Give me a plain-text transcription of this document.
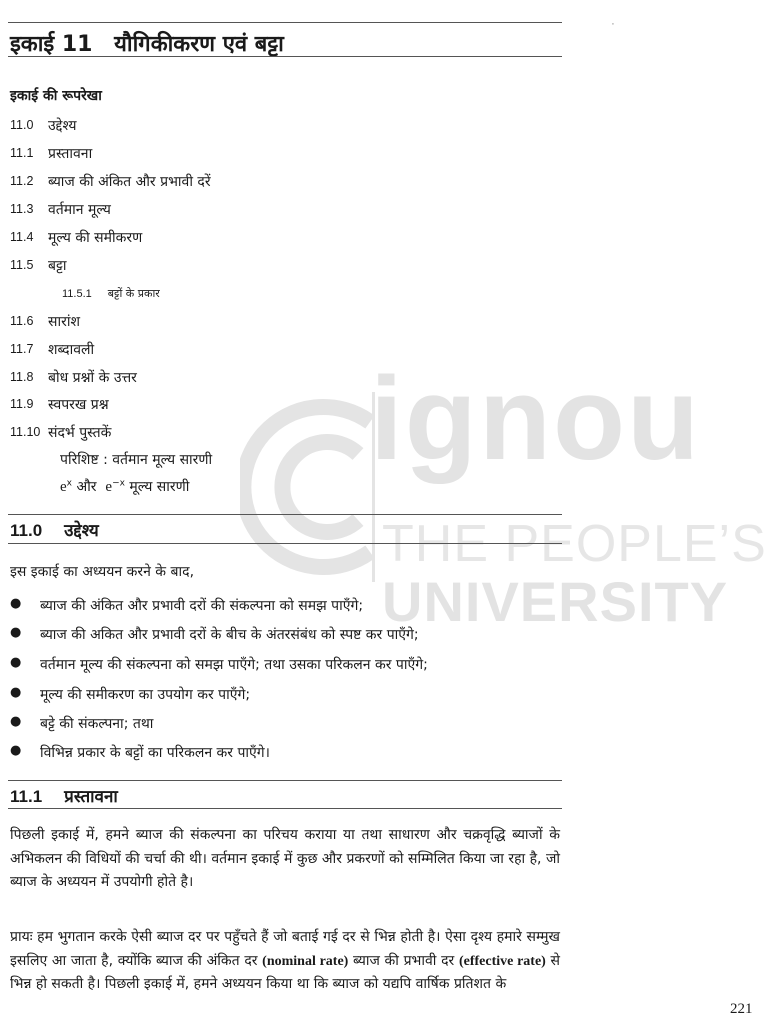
ignou
THE PEOPLE’S
UNIVERSITY
इकाई 11 यौगिकीकरण एवं बट्टा
इकाई की रूपरेखा
11.0 उद्देश्य
11.1 प्रस्तावना
11.2 ब्याज की अंकित और प्रभावी दरें
11.3 वर्तमान मूल्य
11.4 मूल्य की समीकरण
11.5 बट्टा
11.5.1 बट्टों के प्रकार
11.6 सारांश
11.7 शब्दावली
11.8 बोध प्रश्नों के उत्तर
11.9 स्वपरख प्रश्न
11.10 संदर्भ पुस्तकें
परिशिष्ट : वर्तमान मूल्य सारणी
$e^x$ और $e^{-x}$ मूल्य सारणी
11.0 उद्देश्य
इस इकाई का अध्ययन करने के बाद,
● ब्याज की अंकित और प्रभावी दरों की संकल्पना को समझ पाएँगे;
● ब्याज की अकित और प्रभावी दरों के बीच के अंतरसंबंध को स्पष्ट कर पाएँगे;
● वर्तमान मूल्य की संकल्पना को समझ पाएँगे; तथा उसका परिकलन कर पाएँगे;
● मूल्य की समीकरण का उपयोग कर पाएँगे;
● बट्टे की संकल्पना; तथा
● विभिन्न प्रकार के बट्टों का परिकलन कर पाएँगे।
11.1 प्रस्तावना
पिछली इकाई में, हमने ब्याज की संकल्पना का परिचय कराया या तथा साधारण और चक्रवृद्धि ब्याजों के अभिकलन की विधियों की चर्चा की थी। वर्तमान इकाई में कुछ और प्रकरणों को सम्मिलित किया जा रहा है, जो ब्याज के अध्ययन में उपयोगी होते है।
प्रायः हम भुगतान करके ऐसी ब्याज दर पर पहुँचते हैं जो बताई गई दर से भिन्न होती है। ऐसा दृश्य हमारे सम्मुख इसलिए आ जाता है, क्योंकि ब्याज की अंकित दर (nominal rate) ब्याज की प्रभावी दर (effective rate) से भिन्न हो सकती है। पिछली इकाई में, हमने अध्ययन किया था कि ब्याज को यद्यपि वार्षिक प्रतिशत के
221
